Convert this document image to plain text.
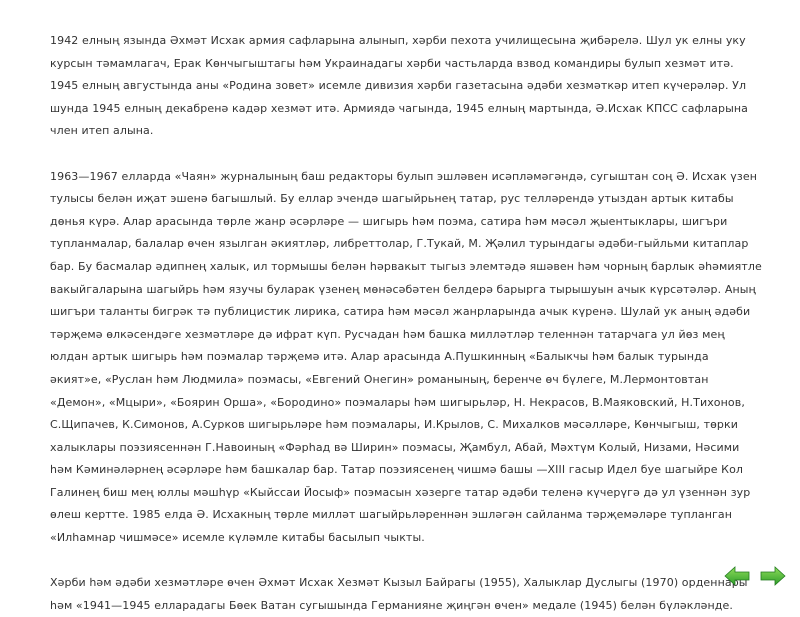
1942 елның язында Әхмәт Исхак армия сафларына алынып, хәрби пехота училищесына җибәрелә. Шул ук елны уку курсын тәмамлагач, Ерак Көнчыгыштагы һәм Украинадагы хәрби частьларда взвод командиры булып хезмәт итә. 1945 елның августында аны «Родина зовет» исемле дивизия хәрби газетасына әдәби хезмәткәр итеп күчерәләр. Ул шунда 1945 елның декабренә кадәр хезмәт итә. Армиядә чагында, 1945 елның мартында, Ә.Исхак КПСС сафларына член итеп алына.

1963—1967 елларда «Чаян» журналының баш редакторы булып эшләвен исәпләмәгәндә, сугыштан соң Ә. Исхак үзен тулысы белән иҗат эшенә багышлый. Бу еллар эчендә шагыйрьнең татар, рус телләрендә утыздан артык китабы дөнья күрә. Алар арасында төрле жанр әсәрләре — шигырь һәм поэма, сатира һәм мәсәл җыентыклары, шигъри тупланмалар, балалар өчен язылган әкиятләр, либреттолар, Г.Тукай, М. Җәлил турындагы әдәби-гыйльми китаплар бар. Бу басмалар әдипнең халык, ил тормышы белән һәрвакыт тыгыз элемтәдә яшәвен һәм чорның барлык әһәмиятле вакыйгаларына шагыйрь һәм язучы буларак үзенең мөнәсәбәтен белдерә барырга тырышуын ачык күрсәтәләр. Аның шигъри таланты бигрәк тә публицистик лирика, сатира һәм мәсәл жанрларында ачык күренә. Шулай ук аның әдәби тәрҗемә өлкәсендәге хезмәтләре дә ифрат күп. Русчадан һәм башка милләтләр теленнән татарчага ул йөз мең юлдан артык шигырь һәм поэмалар тәрҗемә итә. Алар арасында А.Пушкинның «Балыкчы һәм балык турында әкият»е, «Руслан һәм Людмила» поэмасы, «Евгений Онегин» романының, беренче өч бүлеге, М.Лермонтовтан «Демон», «Мцыри», «Боярин Орша», «Бородино» поэмалары һәм шигырьләр, Н. Некрасов, В.Маяковский, Н.Тихонов, С.Щипачев, К.Симонов, А.Сурков шигырьләре һәм поэмалары, И.Крылов, С. Михалков мәсәлләре, Көнчыгыш, төрки халыклары поэзиясеннән Г.Навоиның «Фәрһад вә Ширин» поэмасы, Җамбул, Абай, Мәхтүм Колый, Низами, Нәсими һәм Кәминәләрнең әсәрләре һәм башкалар бар. Татар поэзиясенең чишмә башы —XIII гасыр Идел буе шагыйре Кол Галинең биш мең юллы мәшһүр «Кыйссаи Йосыф» поэмасын хәзерге татар әдәби теленә күчерүгә дә ул үзеннән зур өлеш кертте. 1985 елда Ә. Исхакның төрле милләт шагыйрьләреннән эшләгән сайланма тәрҗемәләре тупланган «Илһамнар чишмәсе» исемле күләмле китабы басылып чыкты.

Хәрби һәм әдәби хезмәтләре өчен Әхмәт Исхак Хезмәт Кызыл Байрагы (1955), Халыклар Дуслыгы (1970) орденнары һәм «1941—1945 елларадагы Бөек Ватан сугышында Германияне җиңгән өчен» медале (1945) белән бүләкләнде.
